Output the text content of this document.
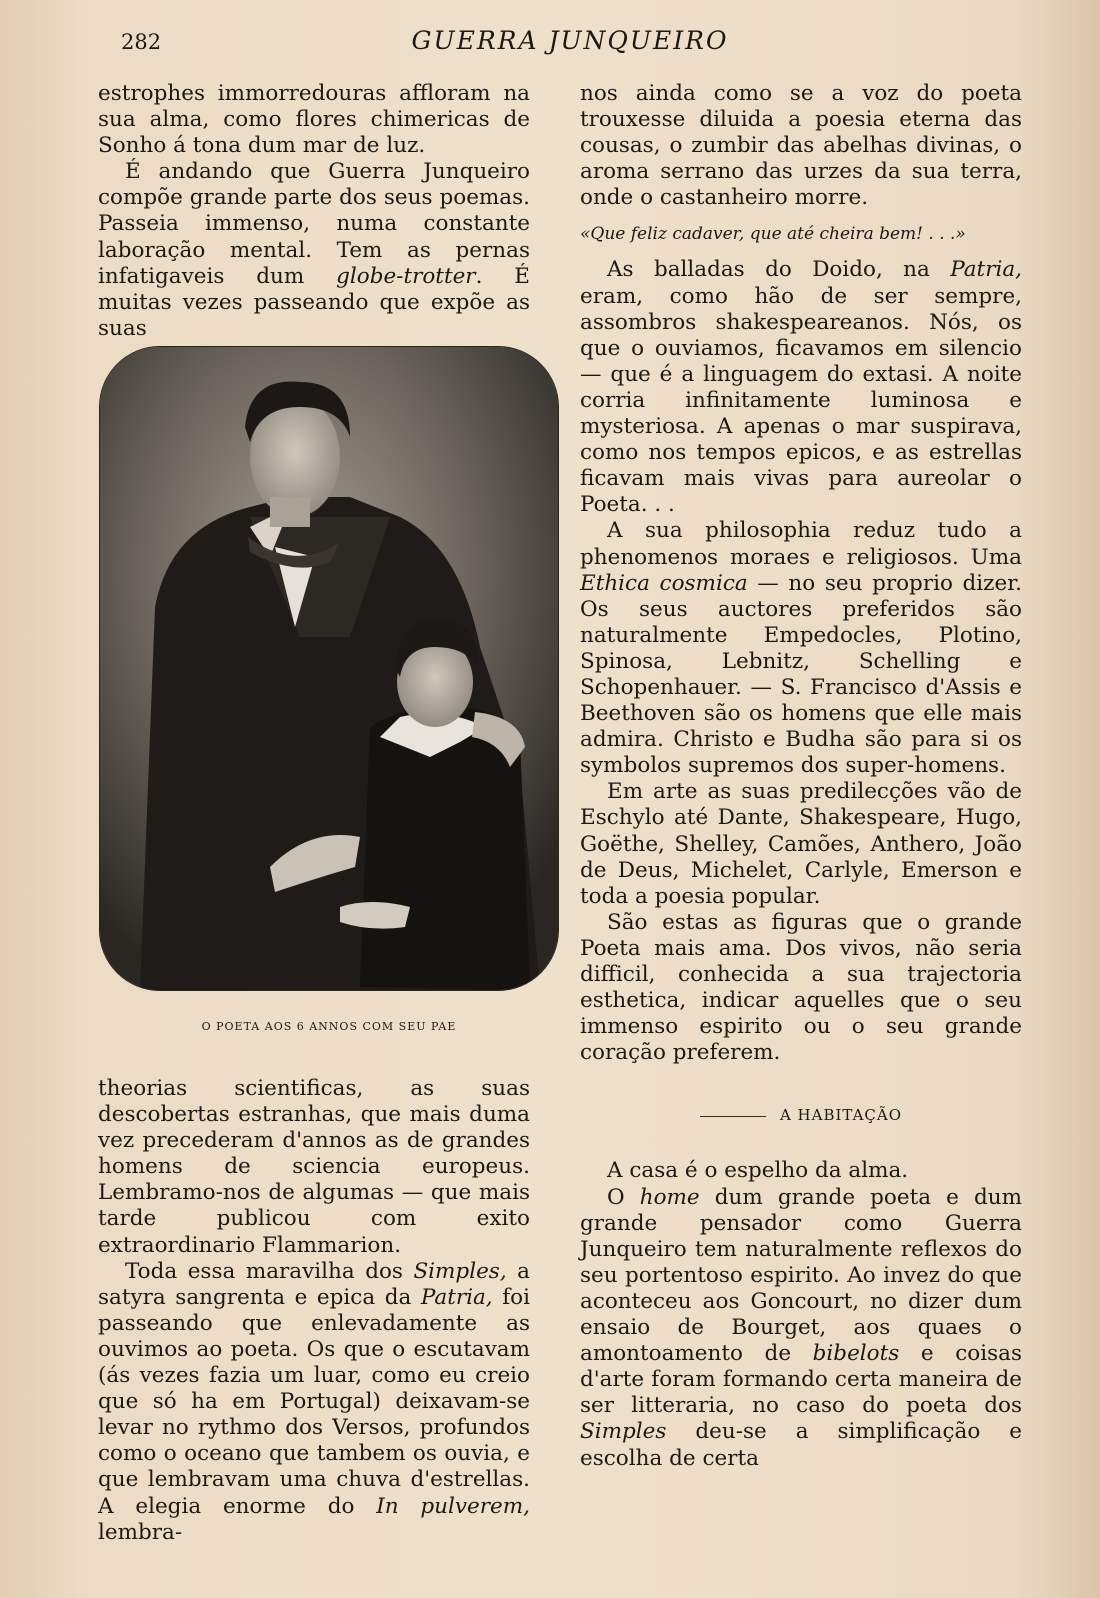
282	GUERRA JUNQUEIRO

estrophes immorredouras affloram na sua alma, como flores chimericas de Sonho á tona dum mar de luz.

É andando que Guerra Junqueiro compõe grande parte dos seus poemas. Passeia immenso, numa constante laboração mental. Tem as pernas infatigaveis dum globe-trotter. É muitas vezes passeando que expõe as suas

O POETA AOS 6 ANNOS COM SEU PAE

theorias scientificas, as suas descobertas estranhas, que mais duma vez precederam d'annos as de grandes homens de sciencia europeus. Lembramo-nos de algumas — que mais tarde publicou com exito extraordinario Flammarion.

Toda essa maravilha dos Simples, a satyra sangrenta e epica da Patria, foi passeando que enlevadamente as ouvimos ao poeta. Os que o escutavam (ás vezes fazia um luar, como eu creio que só ha em Portugal) deixavam-se levar no rythmo dos Versos, profundos como o oceano que tambem os ouvia, e que lembravam uma chuva d'estrellas. A elegia enorme do In pulverem, lembra-

nos ainda como se a voz do poeta trouxesse diluida a poesia eterna das cousas, o zumbir das abelhas divinas, o aroma serrano das urzes da sua terra, onde o castanheiro morre.

«Que feliz cadaver, que até cheira bem! . . .»

As balladas do Doido, na Patria, eram, como hão de ser sempre, assombros shakespeareanos. Nós, os que o ouviamos, ficavamos em silencio — que é a linguagem do extasi. A noite corria infinitamente luminosa e mysteriosa. A apenas o mar suspirava, como nos tempos epicos, e as estrellas ficavam mais vivas para aureolar o Poeta. . .

A sua philosophia reduz tudo a phenomenos moraes e religiosos. Uma Ethica cosmica — no seu proprio dizer. Os seus auctores preferidos são naturalmente Empedocles, Plotino, Spinosa, Lebnitz, Schelling e Schopenhauer. — S. Francisco d'Assis e Beethoven são os homens que elle mais admira. Christo e Budha são para si os symbolos supremos dos super-homens.

Em arte as suas predilecções vão de Eschylo até Dante, Shakespeare, Hugo, Goëthe, Shelley, Camões, Anthero, João de Deus, Michelet, Carlyle, Emerson e toda a poesia popular.

São estas as figuras que o grande Poeta mais ama. Dos vivos, não seria difficil, conhecida a sua trajectoria esthetica, indicar aquelles que o seu immenso espirito ou o seu grande coração preferem.

A HABITAÇÃO

A casa é o espelho da alma.

O home dum grande poeta e dum grande pensador como Guerra Junqueiro tem naturalmente reflexos do seu portentoso espirito. Ao invez do que aconteceu aos Goncourt, no dizer dum ensaio de Bourget, aos quaes o amontoamento de bibelots e coisas d'arte foram formando certa maneira de ser litteraria, no caso do poeta dos Simples deu-se a simplificação e escolha de certa
